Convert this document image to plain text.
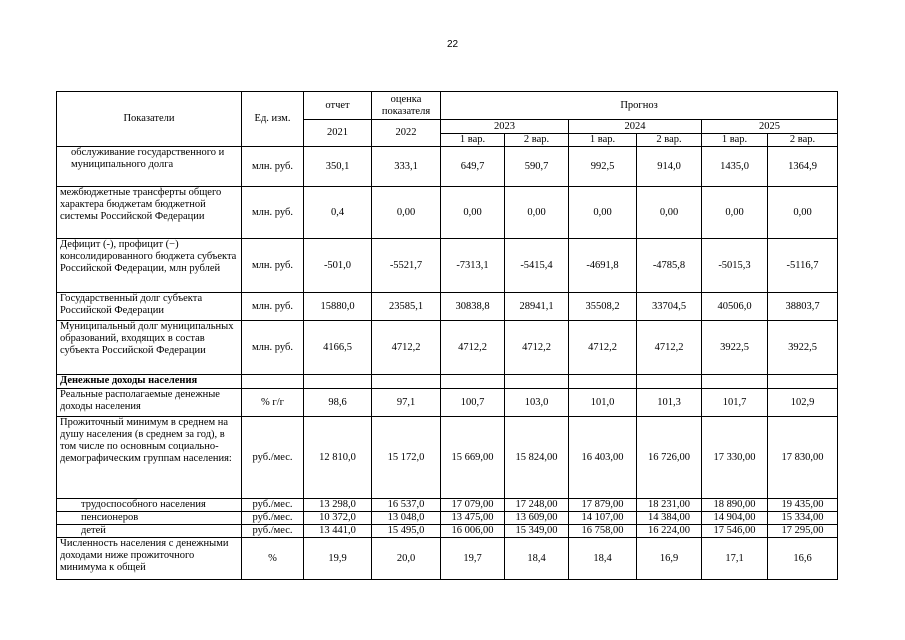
22
Показатели	Ед. изм.	отчет	оценка показателя	Прогноз					
		2021	2022	2023		2024		2025	
				1 вар.	2 вар.	1 вар.	2 вар.	1 вар.	2 вар.
обслуживание государственного и муниципального долга	млн. руб.	350,1	333,1	649,7	590,7	992,5	914,0	1435,0	1364,9
межбюджетные трансферты общего характера бюджетам бюджетной системы Российской Федерации	млн. руб.	0,4	0,00	0,00	0,00	0,00	0,00	0,00	0,00
Дефицит (-), профицит (−) консолидированного бюджета субъекта Российской Федерации, млн рублей	млн. руб.	-501,0	-5521,7	-7313,1	-5415,4	-4691,8	-4785,8	-5015,3	-5116,7
Государственный долг субъекта Российской Федерации	млн. руб.	15880,0	23585,1	30838,8	28941,1	35508,2	33704,5	40506,0	38803,7
Муниципальный долг муниципальных образований, входящих в состав субъекта Российской Федерации	млн. руб.	4166,5	4712,2	4712,2	4712,2	4712,2	4712,2	3922,5	3922,5
Денежные доходы населения									
Реальные располагаемые денежные доходы населения	% г/г	98,6	97,1	100,7	103,0	101,0	101,3	101,7	102,9
Прожиточный минимум в среднем на душу населения (в среднем за год), в том числе по основным социально-демографическим группам населения:	руб./мес.	12 810,0	15 172,0	15 669,00	15 824,00	16 403,00	16 726,00	17 330,00	17 830,00
трудоспособного населения	руб./мес.	13 298,0	16 537,0	17 079,00	17 248,00	17 879,00	18 231,00	18 890,00	19 435,00
пенсионеров	руб./мес.	10 372,0	13 048,0	13 475,00	13 609,00	14 107,00	14 384,00	14 904,00	15 334,00
детей	руб./мес.	13 441,0	15 495,0	16 006,00	15 349,00	16 758,00	16 224,00	17 546,00	17 295,00
Численность населения с денежными доходами ниже прожиточного минимума к общей	%	19,9	20,0	19,7	18,4	18,4	16,9	17,1	16,6
